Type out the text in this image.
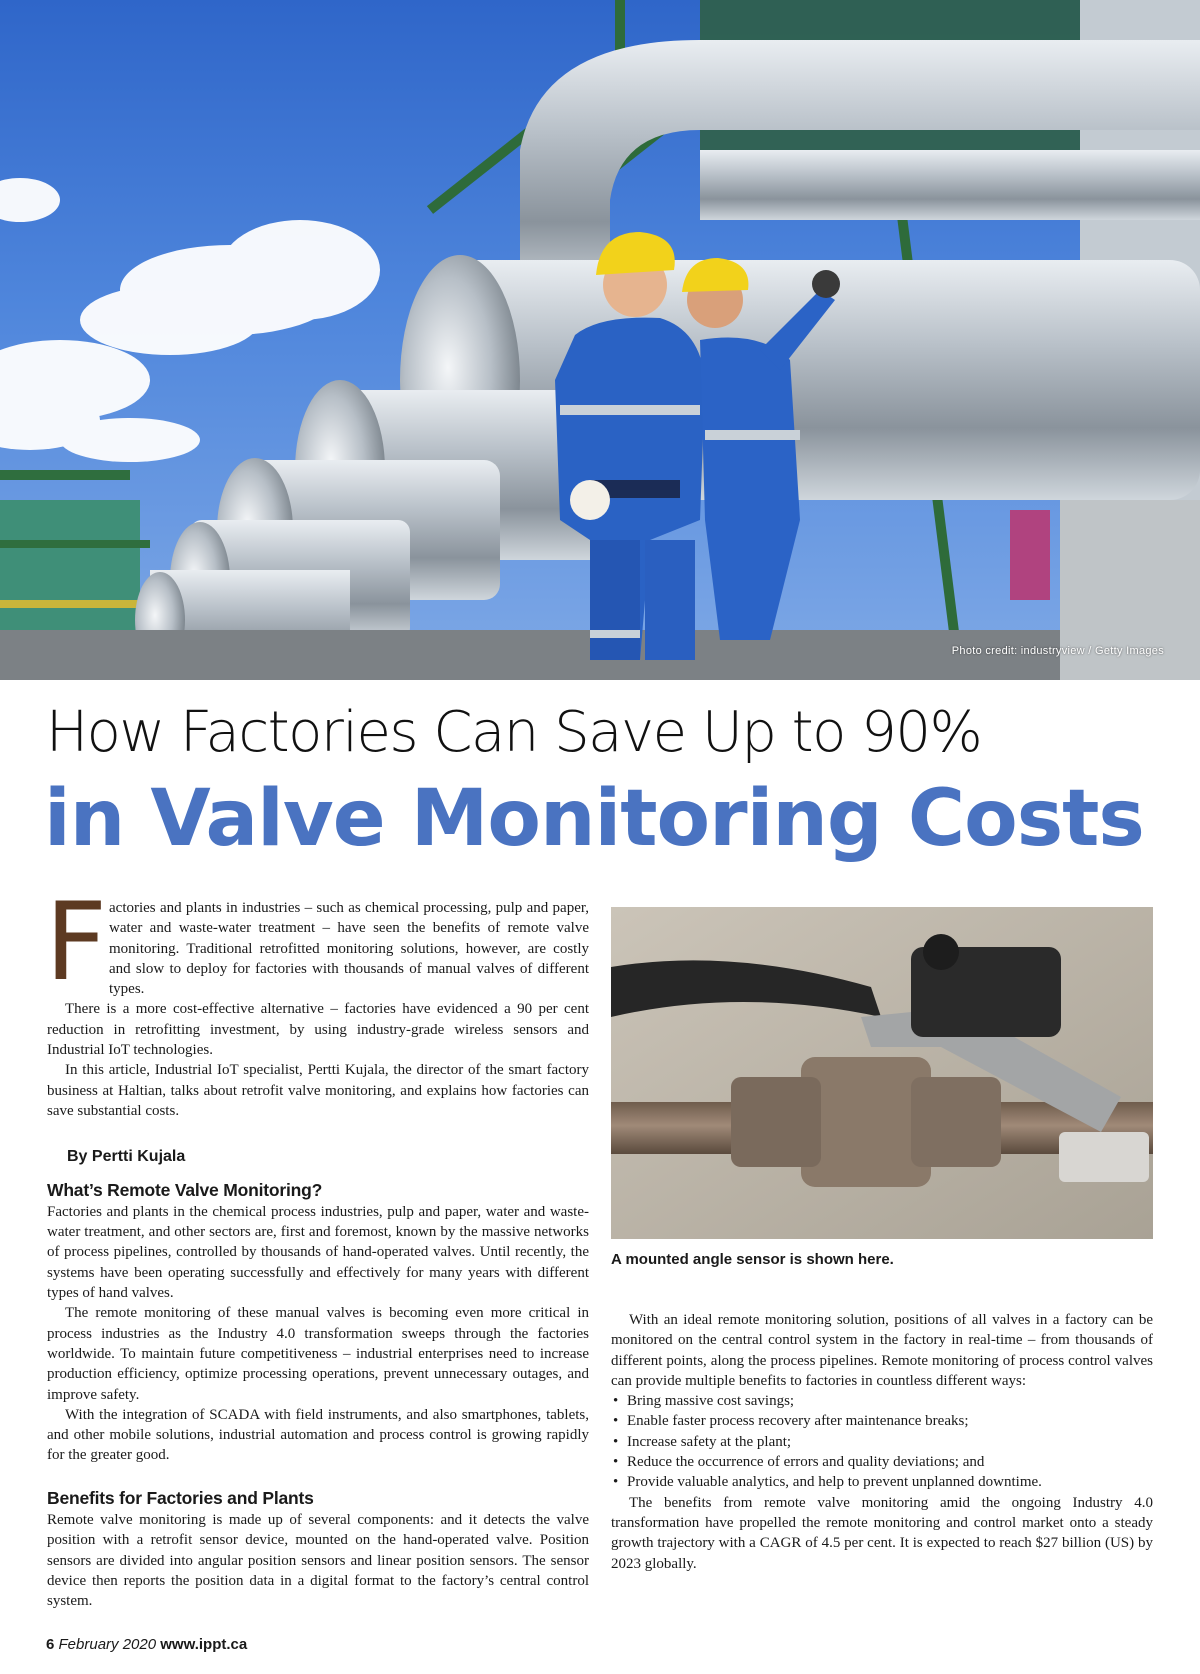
Photo credit: industryview / Getty Images
How Factories Can Save Up to 90%
in Valve Monitoring Costs
F actories and plants in industries – such as chemical processing, pulp and paper, water and waste-water treatment – have seen the benefits of remote valve monitoring. Traditional retrofitted monitoring solutions, however, are costly and slow to deploy for factories with thousands of manual valves of different types.

There is a more cost-effective alternative – factories have evidenced a 90 per cent reduction in retrofitting investment, by using industry-grade wireless sensors and Industrial IoT technologies.

In this article, Industrial IoT specialist, Pertti Kujala, the director of the smart factory business at Haltian, talks about retrofit valve monitoring, and explains how factories can save substantial costs.

By Pertti Kujala
What’s Remote Valve Monitoring?

Factories and plants in the chemical process industries, pulp and paper, water and waste-water treatment, and other sectors are, first and foremost, known by the massive networks of process pipelines, controlled by thousands of hand-operated valves. Until recently, the systems have been operating successfully and effectively for many years with different types of hand valves.

The remote monitoring of these manual valves is becoming even more critical in process industries as the Industry 4.0 transformation sweeps through the factories worldwide. To maintain future competitiveness – industrial enterprises need to increase production efficiency, optimize processing operations, prevent unnecessary outages, and improve safety.

With the integration of SCADA with field instruments, and also smartphones, tablets, and other mobile solutions, industrial automation and process control is growing rapidly for the greater good.

Benefits for Factories and Plants

Remote valve monitoring is made up of several components: and it detects the valve position with a retrofit sensor device, mounted on the hand-operated valve. Position sensors are divided into angular position sensors and linear position sensors. The sensor device then reports the position data in a digital format to the factory’s central control system.

A mounted angle sensor is shown here.

With an ideal remote monitoring solution, positions of all valves in a factory can be monitored on the central control system in the factory in real-time – from thousands of different points, along the process pipelines. Remote monitoring of process control valves can provide multiple benefits to factories in countless different ways:

• Bring massive cost savings;
• Enable faster process recovery after maintenance breaks;
• Increase safety at the plant;
• Reduce the occurrence of errors and quality deviations; and
• Provide valuable analytics, and help to prevent unplanned downtime.

The benefits from remote valve monitoring amid the ongoing Industry 4.0 transformation have propelled the remote monitoring and control market onto a steady growth trajectory with a CAGR of 4.5 per cent. It is expected to reach $27 billion (US) by 2023 globally.

6 February 2020 www.ippt.ca
